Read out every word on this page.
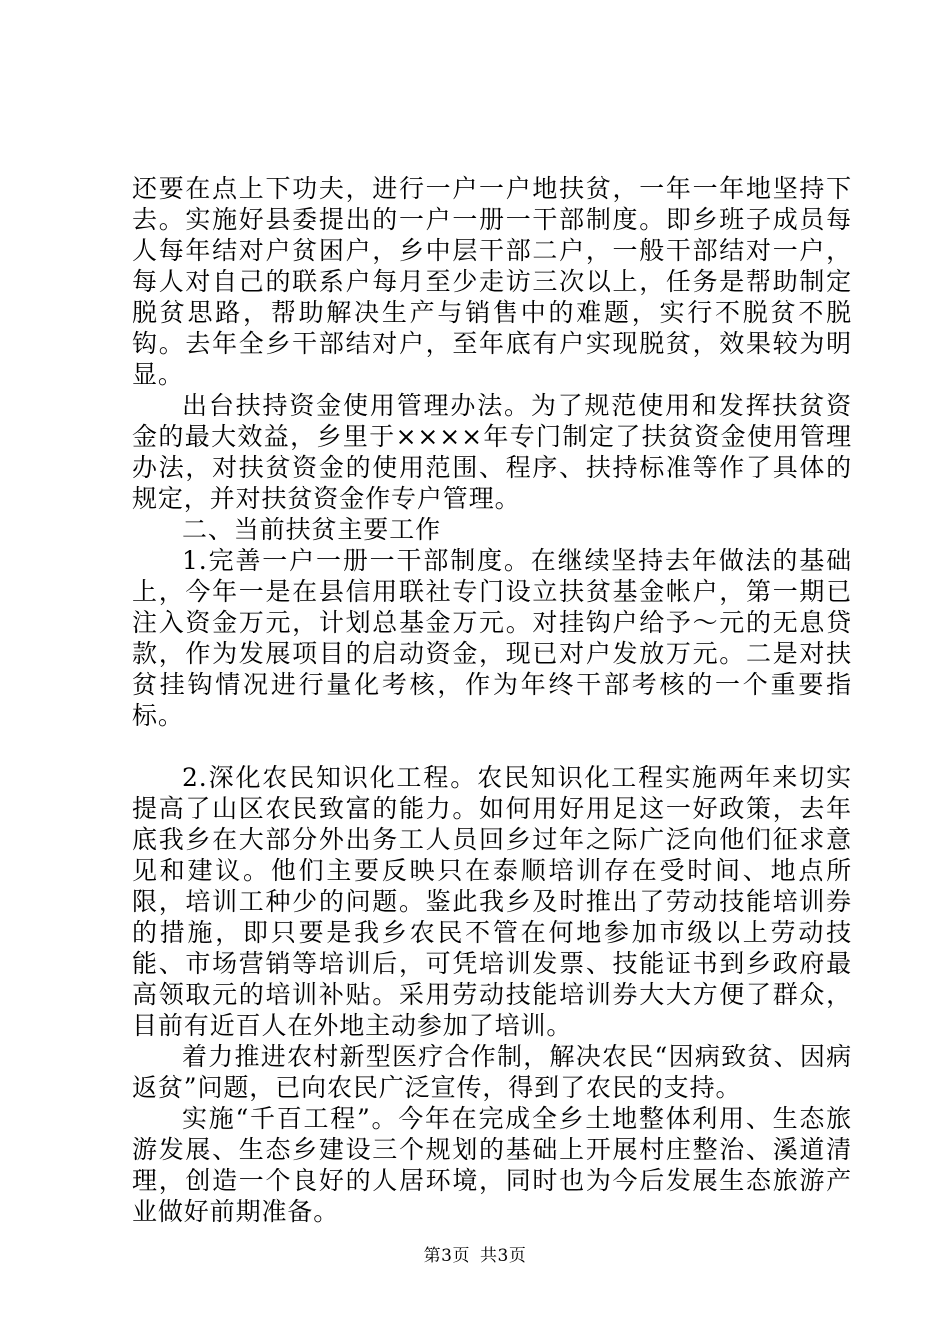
还要在点上下功夫，进行一户一户地扶贫，一年一年地坚持下去。实施好县委提出的一户一册一干部制度。即乡班子成员每人每年结对户贫困户，乡中层干部二户，一般干部结对一户，每人对自己的联系户每月至少走访三次以上，任务是帮助制定脱贫思路，帮助解决生产与销售中的难题，实行不脱贫不脱钩。去年全乡干部结对户，至年底有户实现脱贫，效果较为明显。

出台扶持资金使用管理办法。为了规范使用和发挥扶贫资金的最大效益，乡里于××××年专门制定了扶贫资金使用管理办法，对扶贫资金的使用范围、程序、扶持标准等作了具体的规定，并对扶贫资金作专户管理。

二、当前扶贫主要工作

1.完善一户一册一干部制度。在继续坚持去年做法的基础上，今年一是在县信用联社专门设立扶贫基金帐户，第一期已注入资金万元，计划总基金万元。对挂钩户给予～元的无息贷款，作为发展项目的启动资金，现已对户发放万元。二是对扶贫挂钩情况进行量化考核，作为年终干部考核的一个重要指标。

2.深化农民知识化工程。农民知识化工程实施两年来切实提高了山区农民致富的能力。如何用好用足这一好政策，去年底我乡在大部分外出务工人员回乡过年之际广泛向他们征求意见和建议。他们主要反映只在泰顺培训存在受时间、地点所限，培训工种少的问题。鉴此我乡及时推出了劳动技能培训券的措施，即只要是我乡农民不管在何地参加市级以上劳动技能、市场营销等培训后，可凭培训发票、技能证书到乡政府最高领取元的培训补贴。采用劳动技能培训券大大方便了群众，目前有近百人在外地主动参加了培训。

着力推进农村新型医疗合作制，解决农民“因病致贫、因病返贫”问题，已向农民广泛宣传，得到了农民的支持。

实施“千百工程”。今年在完成全乡土地整体利用、生态旅游发展、生态乡建设三个规划的基础上开展村庄整治、溪道清理，创造一个良好的人居环境，同时也为今后发展生态旅游产业做好前期准备。

第3页 共3页
